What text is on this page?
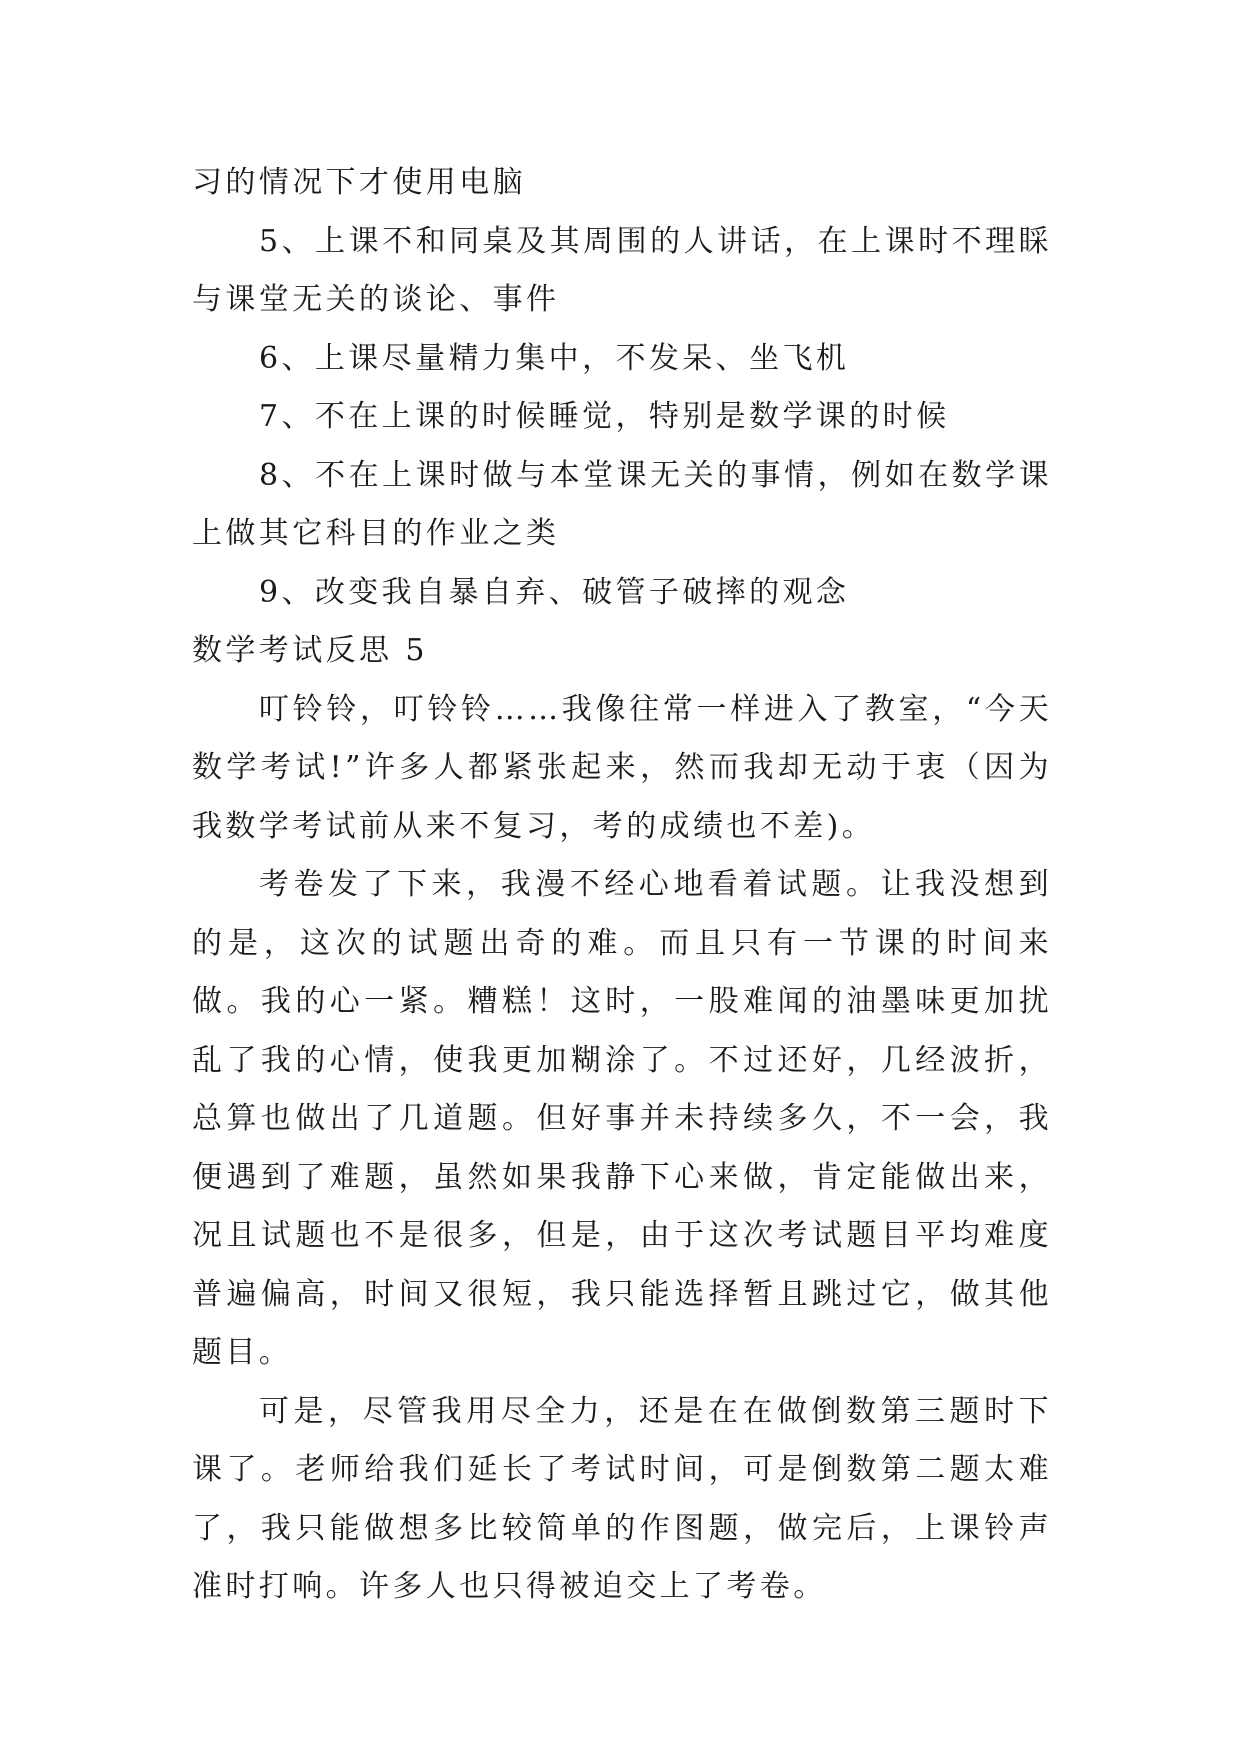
习的情况下才使用电脑

5、上课不和同桌及其周围的人讲话，在上课时不理睬与课堂无关的谈论、事件

6、上课尽量精力集中，不发呆、坐飞机

7、不在上课的时候睡觉，特别是数学课的时候

8、不在上课时做与本堂课无关的事情，例如在数学课上做其它科目的作业之类

9、改变我自暴自弃、破管子破摔的观念

数学考试反思 5

叮铃铃，叮铃铃……我像往常一样进入了教室，“今天数学考试!”许多人都紧张起来，然而我却无动于衷（因为我数学考试前从来不复习，考的成绩也不差)。

考卷发了下来，我漫不经心地看着试题。让我没想到的是，这次的试题出奇的难。而且只有一节课的时间来做。我的心一紧。糟糕！这时，一股难闻的油墨味更加扰乱了我的心情，使我更加糊涂了。不过还好，几经波折，总算也做出了几道题。但好事并未持续多久，不一会，我便遇到了难题，虽然如果我静下心来做，肯定能做出来，况且试题也不是很多，但是，由于这次考试题目平均难度普遍偏高，时间又很短，我只能选择暂且跳过它，做其他题目。

可是，尽管我用尽全力，还是在在做倒数第三题时下课了。老师给我们延长了考试时间，可是倒数第二题太难了，我只能做想多比较简单的作图题，做完后，上课铃声准时打响。许多人也只得被迫交上了考卷。
